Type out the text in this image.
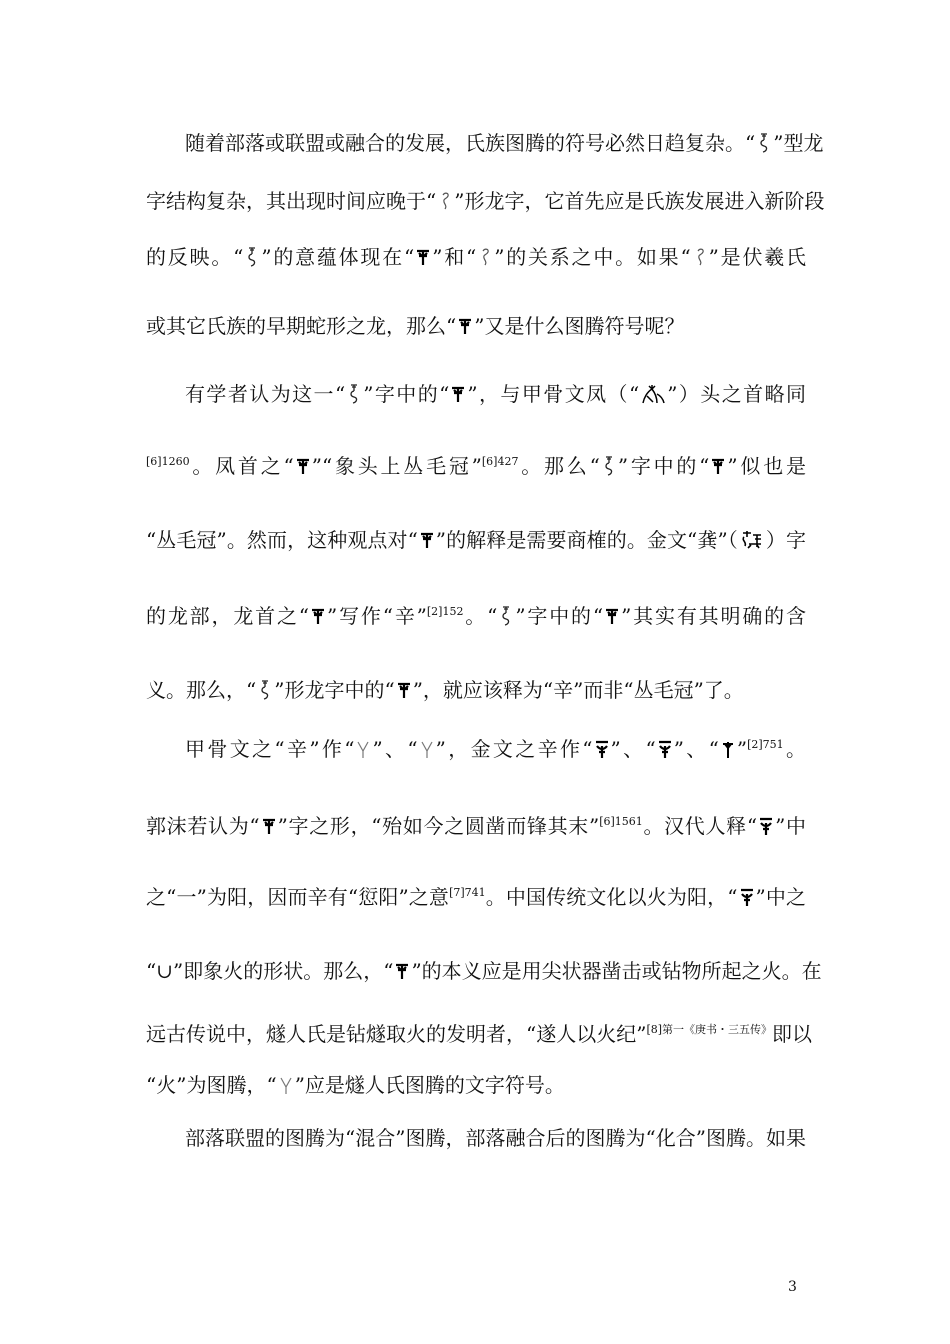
随着部落或联盟或融合的发展，氏族图腾的符号必然日趋复杂。“ ”型龙
字结构复杂，其出现时间应晚于“ ”形龙字，它首先应是氏族发展进入新阶段
的反映。“ ”的意蕴体现在“ ”和“ ”的关系之中。如果“ ”是伏羲氏
或其它氏族的早期蛇形之龙，那么“ ”又是什么图腾符号呢？
有学者认为这一“ ”字中的“ ”，与甲骨文凤（“ ”）头之首略同
$^{[6]1260}$。凤首之“ ”“象头上丛毛冠”$^{[6]427}$。那么“ ”字中的“ ”似也是
“丛毛冠”。然而，这种观点对“ ”的解释是需要商榷的。金文“龚”（ ）字
的龙部，龙首之“ ”写作“辛”$^{[2]152}$。“ ”字中的“ ”其实有其明确的含
义。那么，“ ”形龙字中的“ ”，就应该释为“辛”而非“丛毛冠”了。
甲骨文之“辛”作“ ”、“ ”，金文之辛作“ ”、“ ”、“ ”$^{[2]751}$。
郭沫若认为“ ”字之形，“殆如今之圆凿而锋其末”$^{[6]1561}$。汉代人释“ ”中
之“一”为阳，因而辛有“愆阳”之意$^{[7]741}$。中国传统文化以火为阳，“ ”中之
“∪”即象火的形状。那么，“ ”的本义应是用尖状器凿击或钻物所起之火。在
远古传说中，燧人氏是钻燧取火的发明者，“遂人以火纪”$^{[8]第一《庚书・三五传》}$即以
“火”为图腾，“ ”应是燧人氏图腾的文字符号。
部落联盟的图腾为“混合”图腾，部落融合后的图腾为“化合”图腾。如果
3
